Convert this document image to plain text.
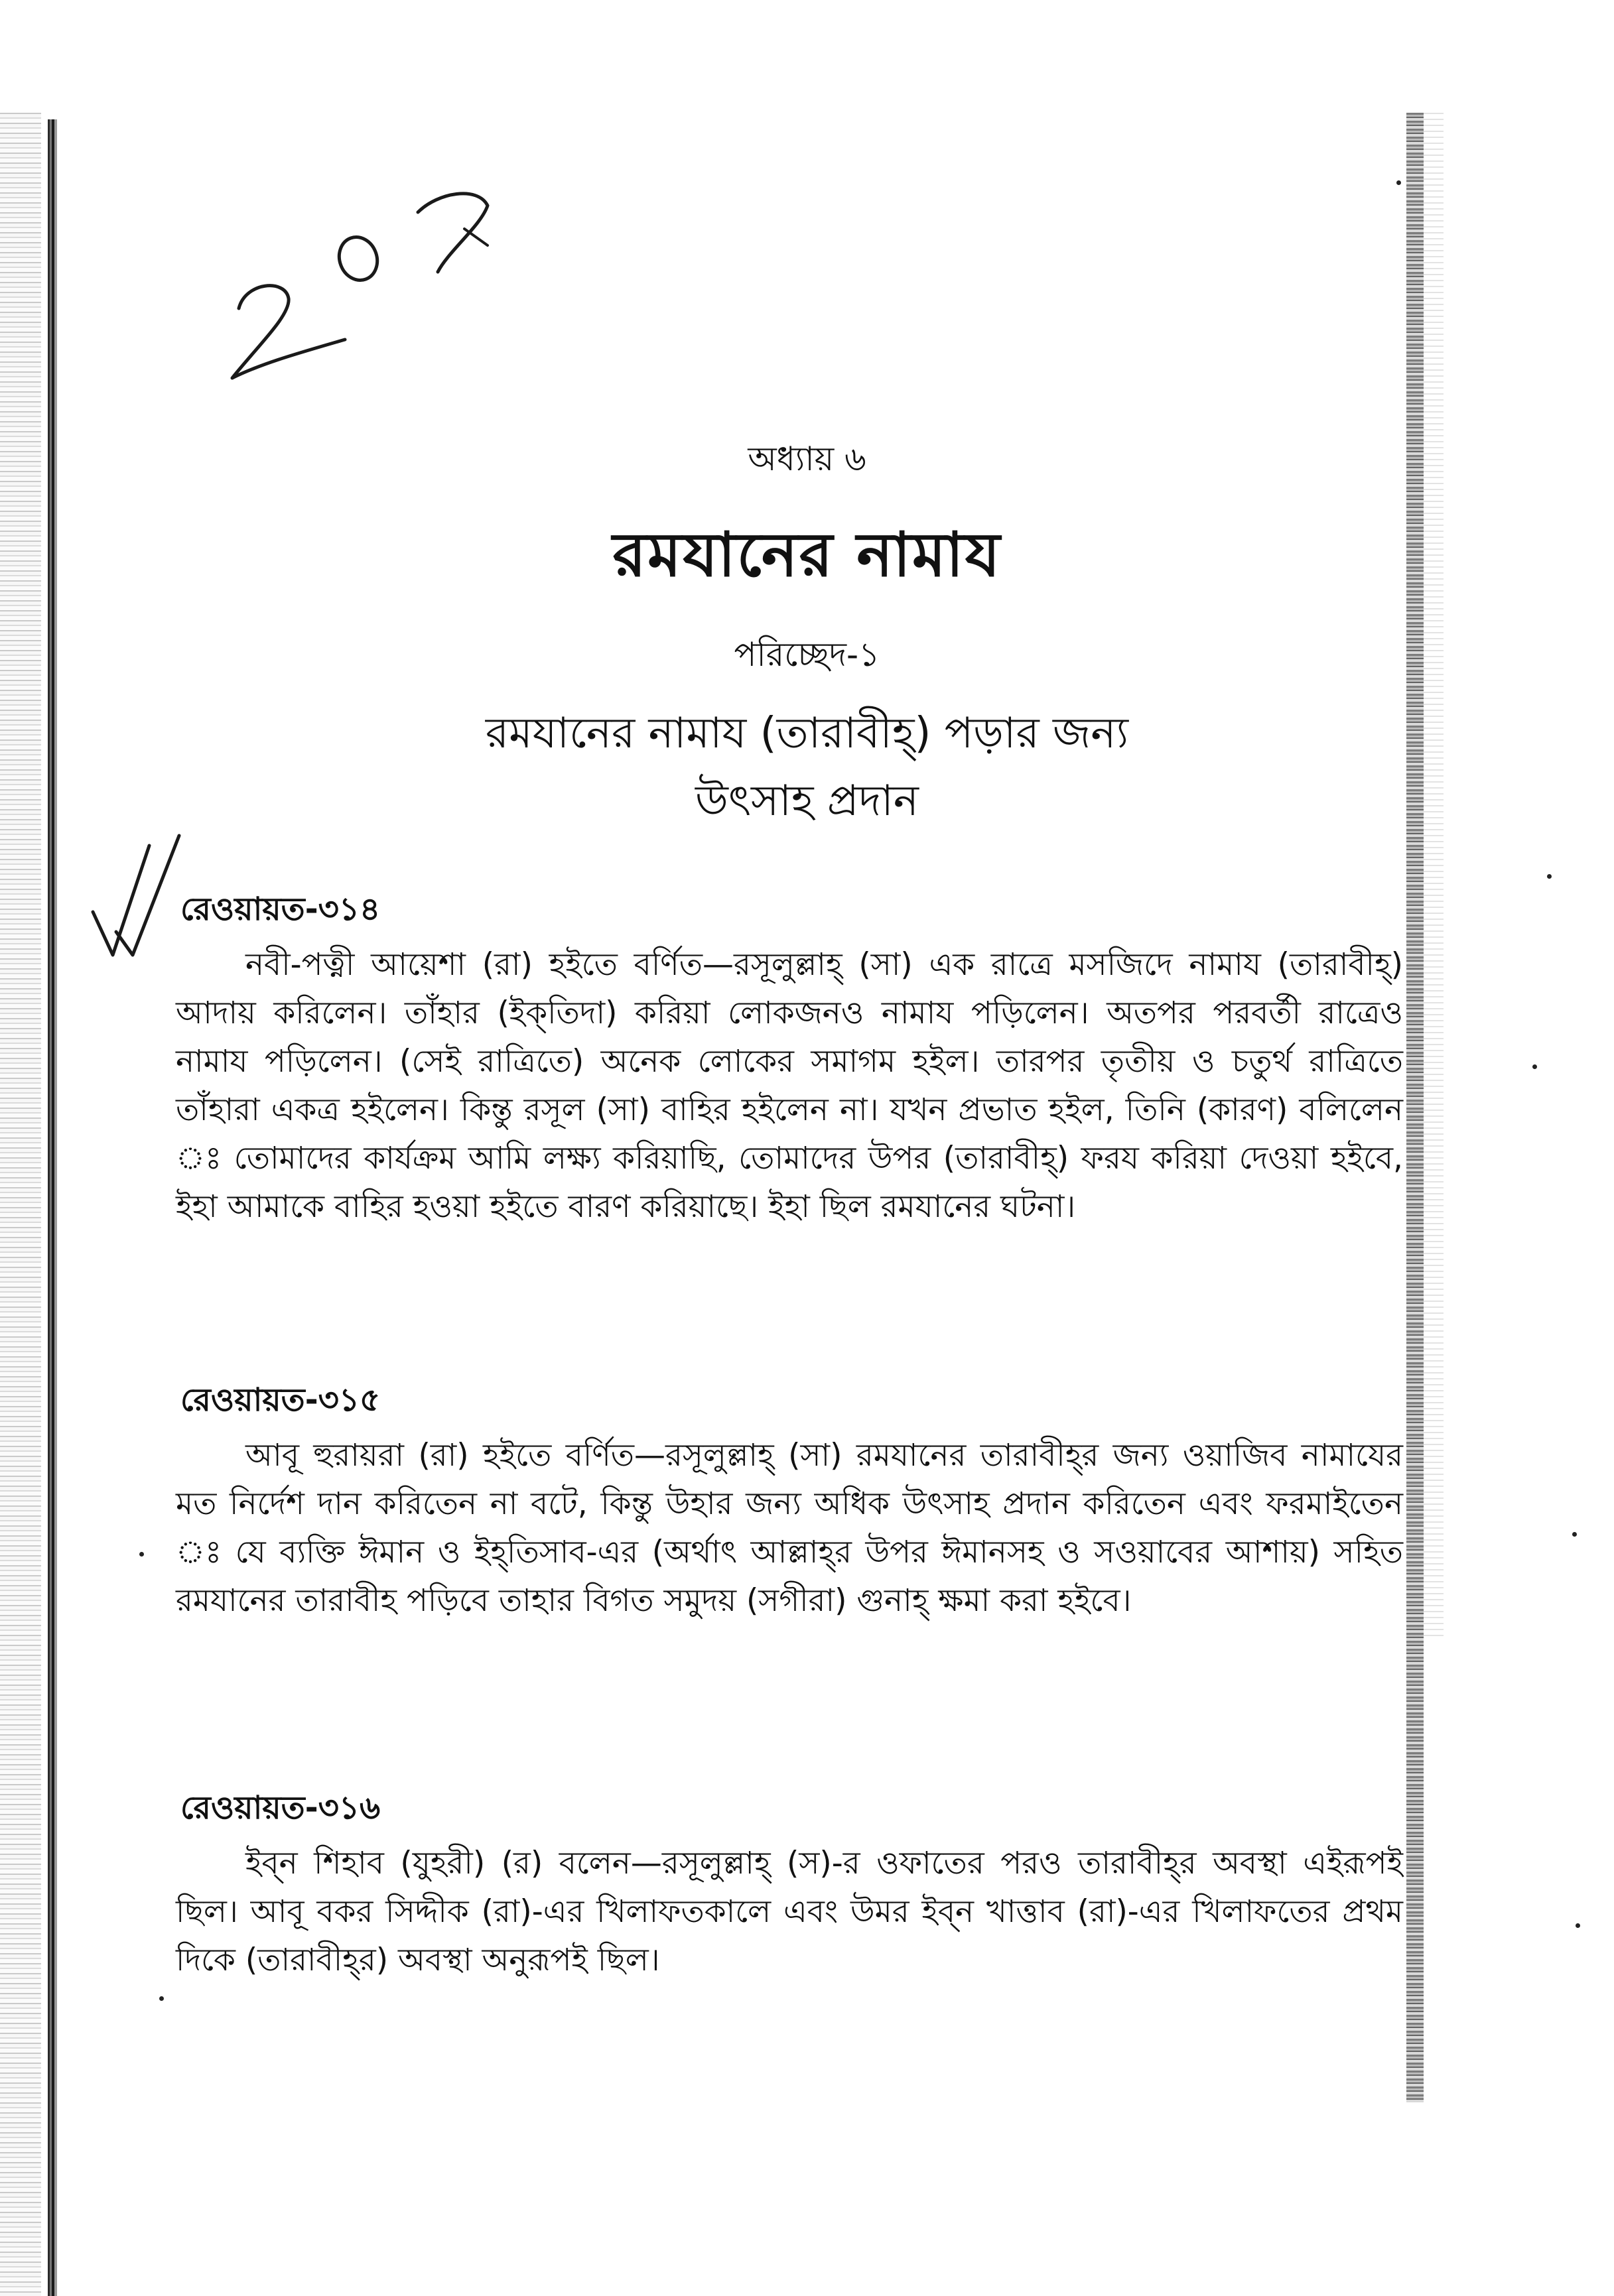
অধ্যায় ৬
রমযানের নামায
পরিচ্ছেদ-১
রমযানের নামায (তারাবীহ্) পড়ার জন্য
উৎসাহ প্রদান
রেওয়ায়ত-৩১৪
নবী-পত্নী আয়েশা (রা) হইতে বর্ণিত—রসূলুল্লাহ্ (সা) এক রাত্রে মসজিদে নামায (তারাবীহ্) আদায় করিলেন। তাঁহার (ইক্‌তিদা) করিয়া লোকজনও নামায পড়িলেন। অতপর পরবর্তী রাত্রেও নামায পড়িলেন। (সেই রাত্রিতে) অনেক লোকের সমাগম হইল। তারপর তৃতীয় ও চতুর্থ রাত্রিতে তাঁহারা একত্র হইলেন। কিন্তু রসূল (সা) বাহির হইলেন না। যখন প্রভাত হইল, তিনি (কারণ) বলিলেন ঃ তোমাদের কার্যক্রম আমি লক্ষ্য করিয়াছি, তোমাদের উপর (তারাবীহ্) ফরয করিয়া দেওয়া হইবে, ইহা আমাকে বাহির হওয়া হইতে বারণ করিয়াছে। ইহা ছিল রমযানের ঘটনা।
রেওয়ায়ত-৩১৫
আবূ হুরায়রা (রা) হইতে বর্ণিত—রসূলুল্লাহ্ (সা) রমযানের তারাবীহ্‌র জন্য ওয়াজিব নামাযের মত নির্দেশ দান করিতেন না বটে, কিন্তু উহার জন্য অধিক উৎসাহ প্রদান করিতেন এবং ফরমাইতেন ঃ যে ব্যক্তি ঈমান ও ইহ্‌তিসাব-এর (অর্থাৎ আল্লাহ্‌র উপর ঈমানসহ ও সওয়াবের আশায়) সহিত রমযানের তারাবীহ পড়িবে তাহার বিগত সমুদয় (সগীরা) গুনাহ্ ক্ষমা করা হইবে।
রেওয়ায়ত-৩১৬
ইব্‌ন শিহাব (যুহরী) (র) বলেন—রসূলুল্লাহ্ (স)-র ওফাতের পরও তারাবীহ্‌র অবস্থা এইরূপই ছিল। আবূ বকর সিদ্দীক (রা)-এর খিলাফতকালে এবং উমর ইব্‌ন খাত্তাব (রা)-এর খিলাফতের প্রথম দিকে (তারাবীহ্‌র) অবস্থা অনুরূপই ছিল।
